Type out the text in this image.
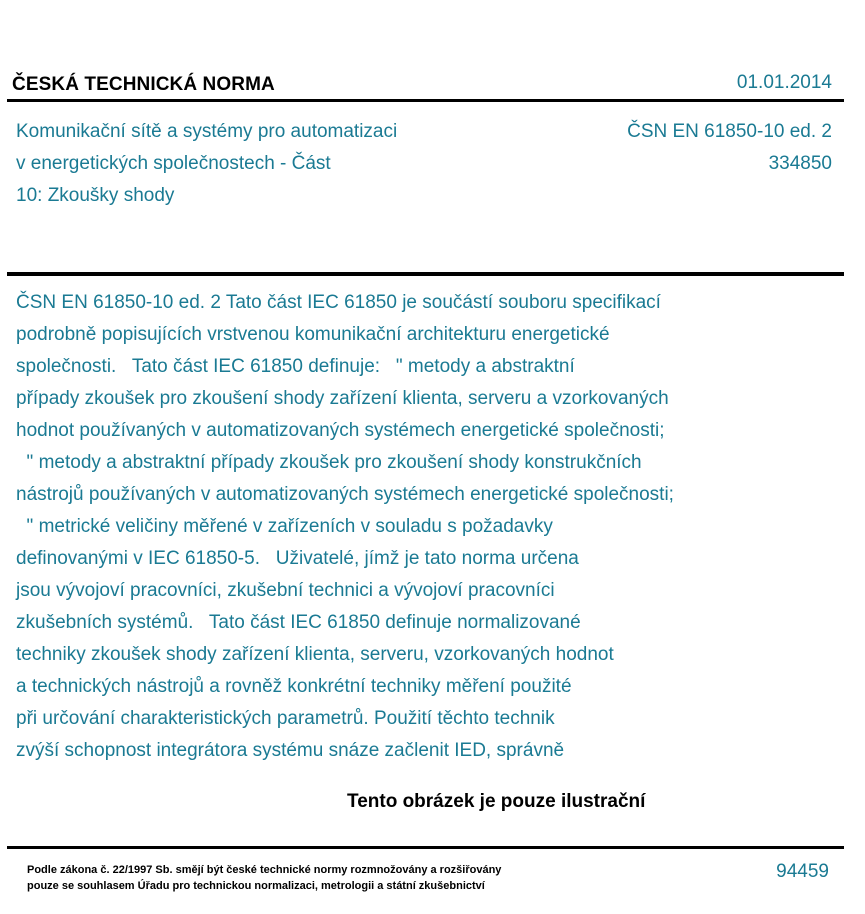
ČESKÁ TECHNICKÁ NORMA	01.01.2014
Komunikační sítě a systémy pro automatizaci
v energetických společnostech - Část
10: Zkoušky shody
ČSN EN 61850-10 ed. 2
334850
ČSN EN 61850-10 ed. 2 Tato část IEC 61850 je součástí souboru specifikací
podrobně popisujících vrstvenou komunikační architekturu energetické
společnosti.   Tato část IEC 61850 definuje:   " metody a abstraktní
případy zkoušek pro zkoušení shody zařízení klienta, serveru a vzorkovaných
hodnot používaných v automatizovaných systémech energetické společnosti;
" metody a abstraktní případy zkoušek pro zkoušení shody konstrukčních
nástrojů používaných v automatizovaných systémech energetické společnosti;
" metrické veličiny měřené v zařízeních v souladu s požadavky
definovanými v IEC 61850-5.   Uživatelé, jímž je tato norma určena
jsou vývojoví pracovníci, zkušební technici a vývojoví pracovníci
zkušebních systémů.   Tato část IEC 61850 definuje normalizované
techniky zkoušek shody zařízení klienta, serveru, vzorkovaných hodnot
a technických nástrojů a rovněž konkrétní techniky měření použité
při určování charakteristických parametrů. Použití těchto technik
zvýší schopnost integrátora systému snáze začlenit IED, správně
Tento obrázek je pouze ilustrační
Podle zákona č. 22/1997 Sb. smějí být české technické normy rozmnožovány a rozšiřovány
pouze se souhlasem Úřadu pro technickou normalizaci, metrologii a státní zkušebnictví
94459
